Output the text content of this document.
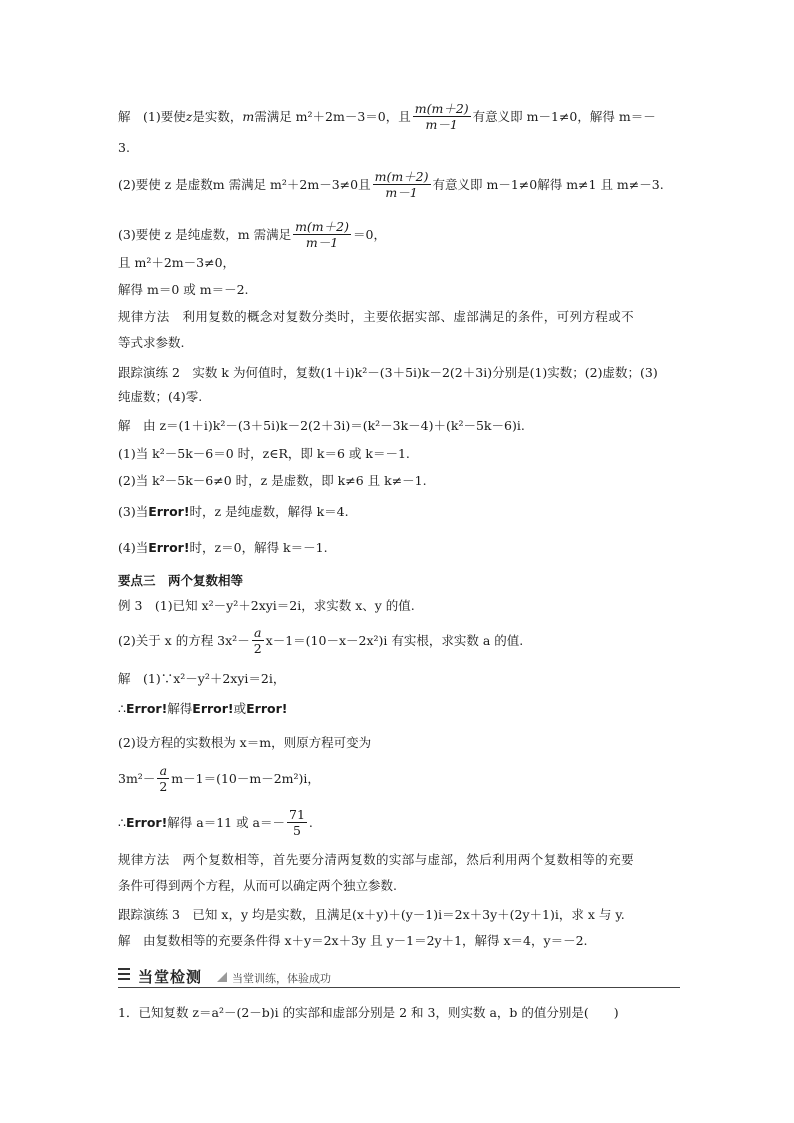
解　(1)要使z是实数，m需满足 m²＋2m－3＝0，且 $\frac{m(m+2)}{m-1}$ 有意义即 m－1≠0，解得 m＝－
3.
(2)要使 z 是虚数m 需满足 m²＋2m－3≠0且 $\frac{m(m+2)}{m-1}$ 有意义即 m－1≠0解得 m≠1 且 m≠－3.
(3)要使 z 是纯虚数，m 需满足 $\frac{m(m+2)}{m-1} =0$，
且 m²＋2m－3≠0，
解得 m＝0 或 m＝－2.
规律方法　利用复数的概念对复数分类时，主要依据实部、虚部满足的条件，可列方程或不
等式求参数.
跟踪演练 2　实数 k 为何值时，复数(1＋i)k²－(3＋5i)k－2(2＋3i)分别是(1)实数；(2)虚数；(3)
纯虚数；(4)零.
解　由 z＝(1＋i)k²－(3＋5i)k－2(2＋3i)＝(k²－3k－4)＋(k²－5k－6)i.
(1)当 k²－5k－6＝0 时，z∈R，即 k＝6 或 k＝－1.
(2)当 k²－5k－6≠0 时，z 是虚数，即 k≠6 且 k≠－1.
(3)当Error!时，z 是纯虚数，解得 k＝4.
(4)当Error!时，z＝0，解得 k＝－1.
要点三　两个复数相等
例 3　(1)已知 x²－y²＋2xyi＝2i，求实数 x、y 的值.
(2)关于 x 的方程 $3x^2- \frac{a}{2} x-1=(10-x-2x^2)i$ 有实根，求实数 a 的值.
解　(1)∵x²－y²＋2xyi＝2i，
∴Error!解得Error!或Error!
(2)设方程的实数根为 x＝m，则原方程可变为
$3m^2- \frac{a}{2} m-1=(10-m-2m^2)i$，
∴Error!解得 a＝11 或 $a=- \frac{71}{5}$ .
规律方法　两个复数相等，首先要分清两复数的实部与虚部，然后利用两个复数相等的充要
条件可得到两个方程，从而可以确定两个独立参数.
跟踪演练 3　已知 x，y 均是实数，且满足(x＋y)＋(y－1)i＝2x＋3y＋(2y＋1)i，求 x 与 y.
解　由复数相等的充要条件得 x＋y＝2x＋3y 且 y－1＝2y＋1，解得 x＝4，y＝－2.
当堂检测	当堂训练，体验成功
1．已知复数 z＝a²－(2－b)i 的实部和虚部分别是 2 和 3，则实数 a，b 的值分别是(　　)
